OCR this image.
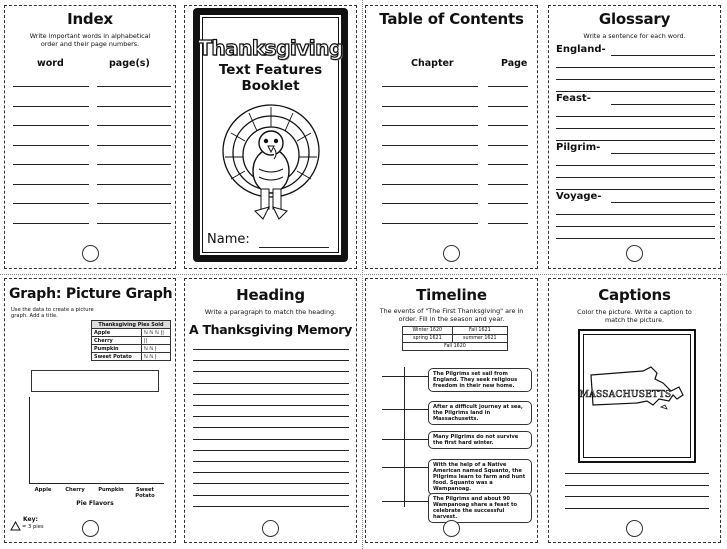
Index
Write important words in alphabetical order and their page numbers.
word	page(s)
Thanksgiving
Text Features
Booklet
Name:
Table of Contents
Chapter	Page
Glossary
Write a sentence for each word.
England-
Feast-
Pilgrim-
Voyage-
Graph: Picture Graph
Use the data to create a picture graph. Add a title.
Thanksgiving Pies Sold	
Apple	ℕ ℕ ℕ ||
Cherry	||
Pumpkin	ℕ ℕ |
Sweet Potato	ℕ ℕ |
Apple	Cherry	Pumpkin	Sweet Potato
Pie Flavors
Key:
= 3 pies
Heading
Write a paragraph to match the heading.
A Thanksgiving Memory
Timeline
The events of "The First Thanksgiving" are in order. Fill in the season and year.
Winter 1620	Fall 1621
spring 1621	summer 1621
Fall 1620	
The Pilgrims set sail from England. They seek religious freedom in their new home.
After a difficult journey at sea, the Pilgrims land in Massachusetts.
Many Pilgrims do not survive the first hard winter.
With the help of a Native American named Squanto, the Pilgrims learn to farm and hunt food. Squanto was a Wampanoag.
The Pilgrims and about 90 Wampanoag share a feast to celebrate the successful harvest.
Captions
Color the picture. Write a caption to match the picture.
MASSACHUSETTS
